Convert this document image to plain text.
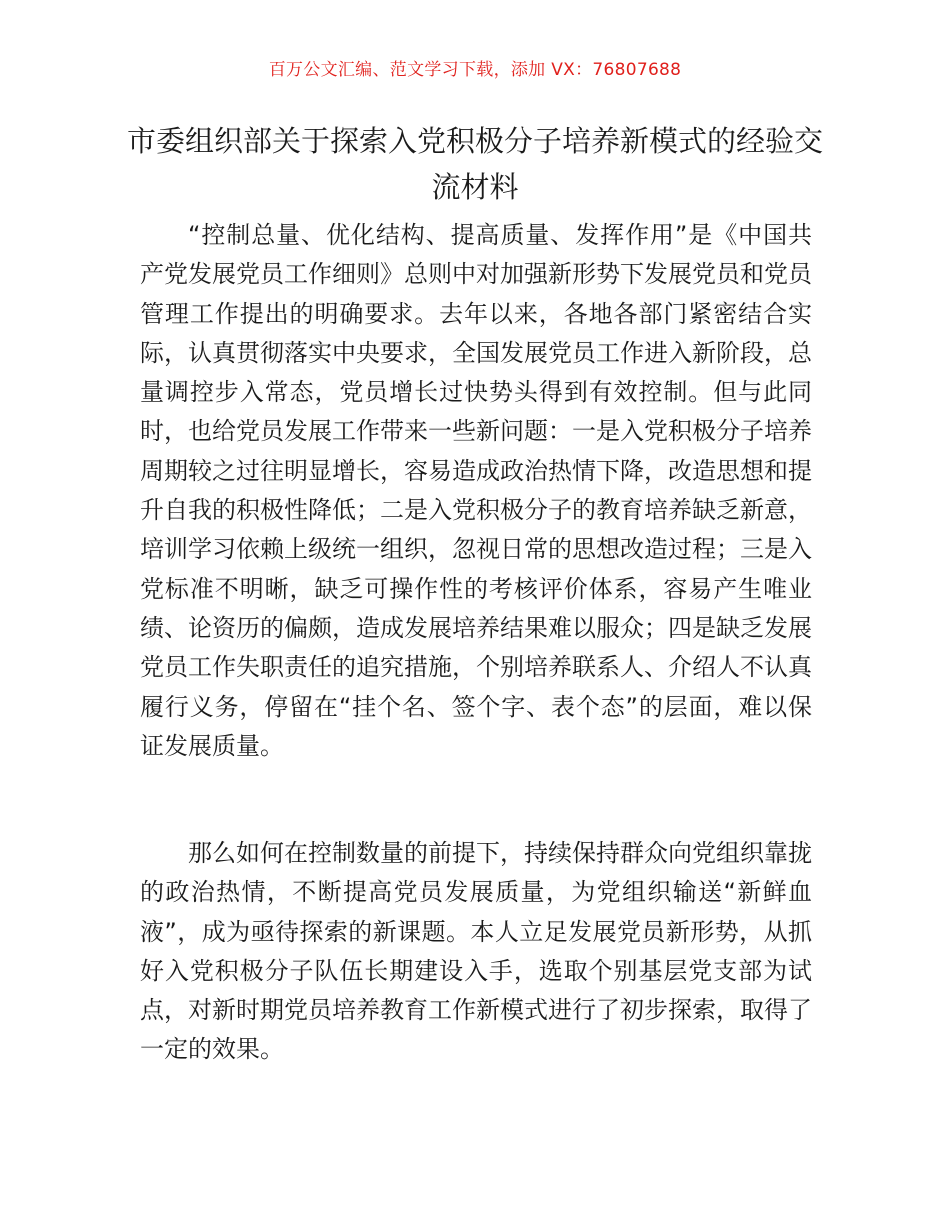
百万公文汇编、范文学习下载，添加 VX：76807688
市委组织部关于探索入党积极分子培养新模式的经验交流材料

“控制总量、优化结构、提高质量、发挥作用”是《中国共产党发展党员工作细则》总则中对加强新形势下发展党员和党员管理工作提出的明确要求。去年以来，各地各部门紧密结合实际，认真贯彻落实中央要求，全国发展党员工作进入新阶段，总量调控步入常态，党员增长过快势头得到有效控制。但与此同时，也给党员发展工作带来一些新问题：一是入党积极分子培养周期较之过往明显增长，容易造成政治热情下降，改造思想和提升自我的积极性降低；二是入党积极分子的教育培养缺乏新意，培训学习依赖上级统一组织，忽视日常的思想改造过程；三是入党标准不明晰，缺乏可操作性的考核评价体系，容易产生唯业绩、论资历的偏颇，造成发展培养结果难以服众；四是缺乏发展党员工作失职责任的追究措施，个别培养联系人、介绍人不认真履行义务，停留在“挂个名、签个字、表个态”的层面，难以保证发展质量。

那么如何在控制数量的前提下，持续保持群众向党组织靠拢的政治热情，不断提高党员发展质量，为党组织输送“新鲜血液”，成为亟待探索的新课题。本人立足发展党员新形势，从抓好入党积极分子队伍长期建设入手，选取个别基层党支部为试点，对新时期党员培养教育工作新模式进行了初步探索，取得了一定的效果。
